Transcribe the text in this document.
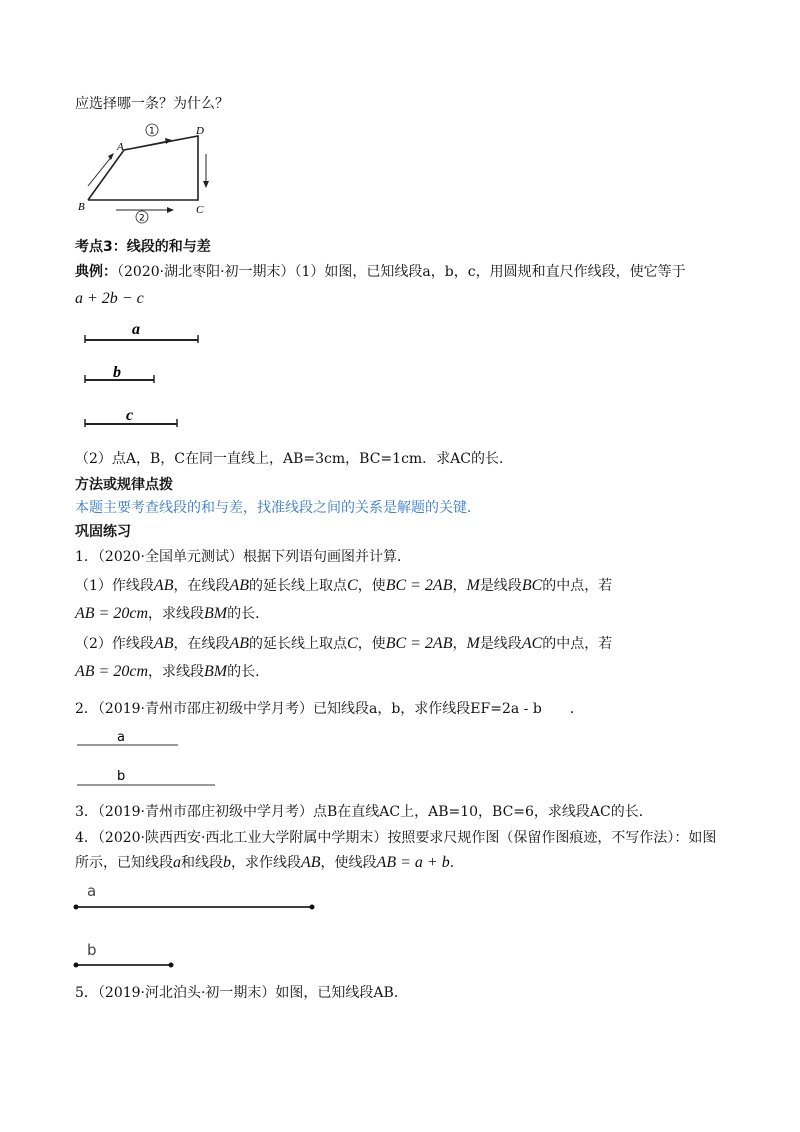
应选择哪一条？为什么？
A
D
B	C
1
2
考点3：线段的和与差
典例：（2020·湖北枣阳·初一期末）（1）如图，已知线段a，b，c，用圆规和直尺作线段，使它等于
a + 2b − c
a
b
c
（2）点A，B，C在同一直线上，AB=3cm，BC=1cm．求AC的长．
方法或规律点拨
本题主要考查线段的和与差，找准线段之间的关系是解题的关键．
巩固练习
1．（2020·全国单元测试）根据下列语句画图并计算．
（1）作线段AB，在线段AB的延长线上取点C，使BC = 2AB，M是线段BC的中点，若
AB = 20cm，求线段BM的长．
（2）作线段AB，在线段AB的延长线上取点C，使BC = 2AB，M是线段AC的中点，若
AB = 20cm，求线段BM的长．
2．（2019·青州市邵庄初级中学月考）已知线段a，b，求作线段EF=2a - b　　．
a
b
3．（2019·青州市邵庄初级中学月考）点B在直线AC上，AB=10，BC=6，求线段AC的长．
4．（2020·陕西西安·西北工业大学附属中学期末）按照要求尺规作图（保留作图痕迹，不写作法）：如图
所示，已知线段a和线段b，求作线段AB，使线段AB = a + b．
a
b
5．（2019·河北泊头·初一期末）如图，已知线段AB．
